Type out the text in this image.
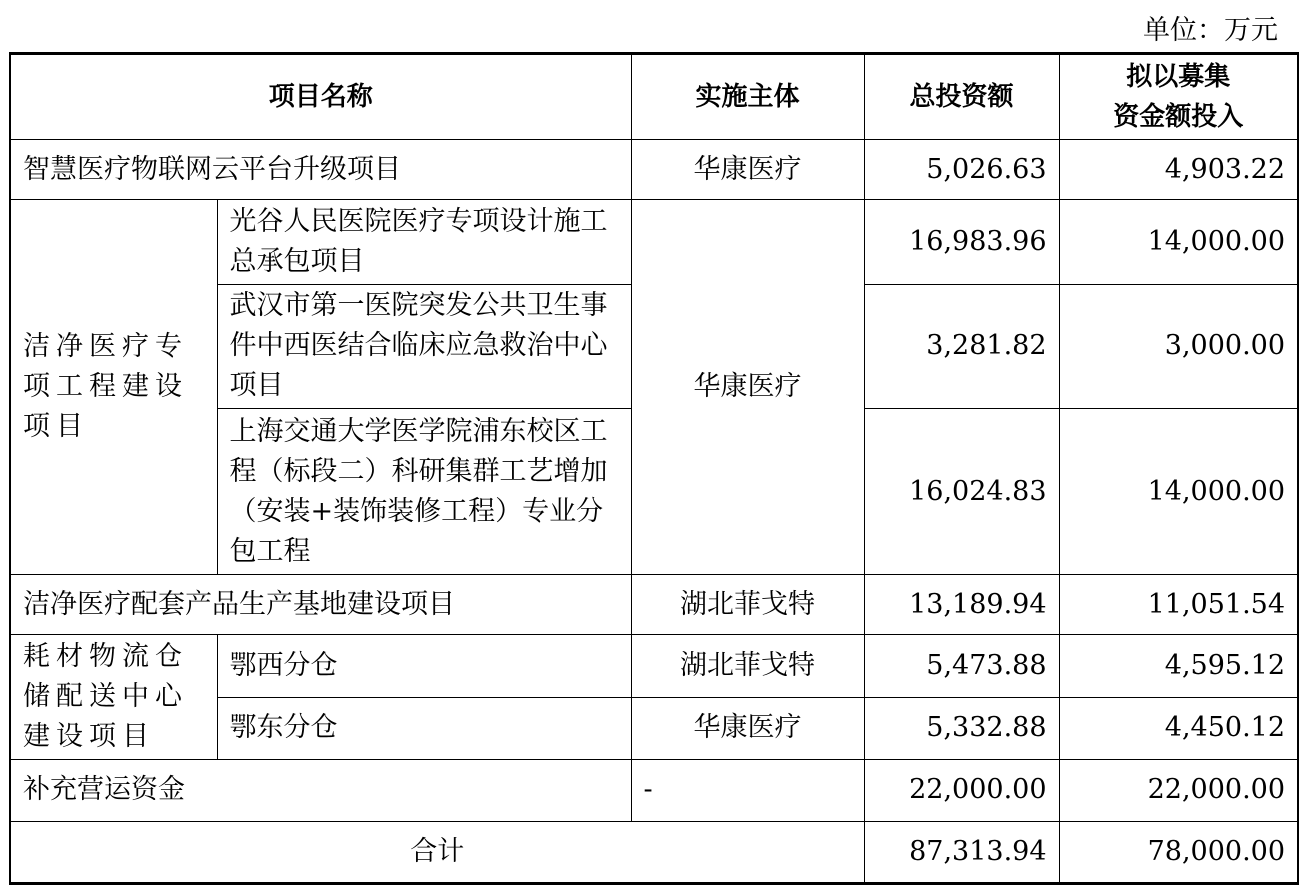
单位：万元
项目名称		实施主体	总投资额	拟以募集
资金额投入
智慧医疗物联网云平台升级项目		华康医疗	5,026.63	4,903.22
洁净医疗专项工程建设项目	光谷人民医院医疗专项设计施工总承包项目	华康医疗	16,983.96	14,000.00
	武汉市第一医院突发公共卫生事件中西医结合临床应急救治中心项目		3,281.82	3,000.00
	上海交通大学医学院浦东校区工程（标段二）科研集群工艺增加（安装+装饰装修工程）专业分包工程		16,024.83	14,000.00
洁净医疗配套产品生产基地建设项目		湖北菲戈特	13,189.94	11,051.54
耗材物流仓储配送中心建设项目	鄂西分仓	湖北菲戈特	5,473.88	4,595.12
	鄂东分仓	华康医疗	5,332.88	4,450.12
补充营运资金		-	22,000.00	22,000.00
合计			87,313.94	78,000.00
